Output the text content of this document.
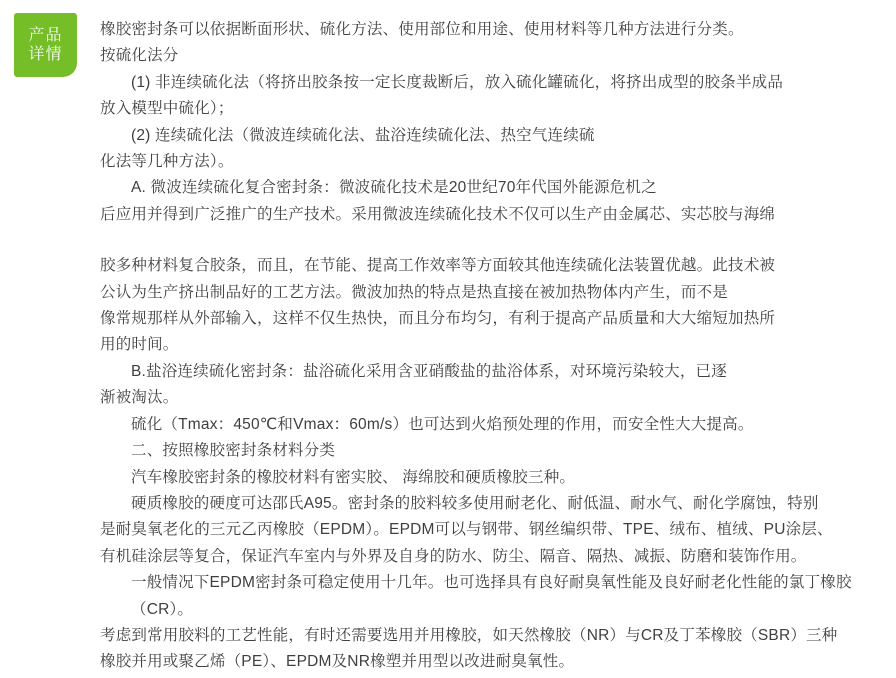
产品
详情
橡胶密封条可以依据断面形状、硫化方法、使用部位和用途、使用材料等几种方法进行分类。
按硫化法分
(1) 非连续硫化法（将挤出胶条按一定长度裁断后，放入硫化罐硫化，将挤出成型的胶条半成品
放入模型中硫化）；
(2) 连续硫化法（微波连续硫化法、盐浴连续硫化法、热空气连续硫
化法等几种方法）。
A. 微波连续硫化复合密封条：微波硫化技术是20世纪70年代国外能源危机之
后应用并得到广泛推广的生产技术。采用微波连续硫化技术不仅可以生产由金属芯、实芯胶与海绵
胶多种材料复合胶条，而且，在节能、提高工作效率等方面较其他连续硫化法装置优越。此技术被
公认为生产挤出制品好的工艺方法。微波加热的特点是热直接在被加热物体内产生，而不是
像常规那样从外部输入，这样不仅生热快，而且分布均匀，有利于提高产品质量和大大缩短加热所
用的时间。
B.盐浴连续硫化密封条：盐浴硫化采用含亚硝酸盐的盐浴体系，对环境污染较大，已逐
渐被淘汰。
硫化（Tmax：450℃和Vmax：60m/s）也可达到火焰预处理的作用，而安全性大大提高。
二、按照橡胶密封条材料分类
汽车橡胶密封条的橡胶材料有密实胶、 海绵胶和硬质橡胶三种。
硬质橡胶的硬度可达邵氏A95。密封条的胶料较多使用耐老化、耐低温、耐水气、耐化学腐蚀，特别
是耐臭氧老化的三元乙丙橡胶（EPDM）。EPDM可以与钢带、钢丝编织带、TPE、绒布、植绒、PU涂层、
有机硅涂层等复合，保证汽车室内与外界及自身的防水、防尘、隔音、隔热、减振、防磨和装饰作用。
一般情况下EPDM密封条可稳定使用十几年。也可选择具有良好耐臭氧性能及良好耐老化性能的氯丁橡胶（CR）。
考虑到常用胶料的工艺性能，有时还需要选用并用橡胶，如天然橡胶（NR）与CR及丁苯橡胶（SBR）三种
橡胶并用或聚乙烯（PE）、EPDM及NR橡塑并用型以改进耐臭氧性。
